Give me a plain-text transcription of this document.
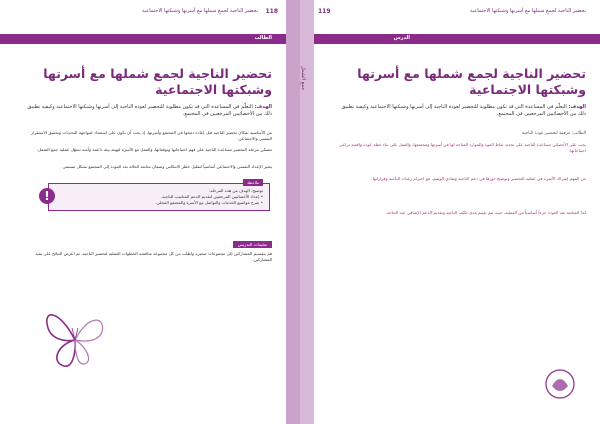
تحضير الناجية لجمع شملها مع أسرتها وشبكتها الاجتماعية 118
الطالب
تحضير الناجية لجمع شملها مع أسرتها
وشبكتها الاجتماعية
الهدف: التعلّم في المساعدة التي قد تكون مطلوبة للتحضير لعودة الناجية إلى أسرتها وشبكتها الاجتماعية وكيفية تطبيق ذلك بين الأخصائيين المرجعيين في المجتمع.
من الأساسية بمكان تحضير الناجية قبل إعادة دمجها في المجتمع وأسرتها، إذ يجب أن تكون على استعداد لمواجهة التحديات وتحقيق الاستقرار النفسي والاجتماعي.
تتضمّن مرحلة التحضير مساعدة الناجية على فهم احتياجاتها وتوقعاتها، والعمل مع الأسرة لتهيئة بيئة داعمة وآمنة تسهّل عملية جمع الشمل.
يعتبر الإعداد النفسي والاجتماعي أساسياً لتقليل خطر الانتكاس وضمان متابعة الحالة بعد العودة إلى المجتمع بشكل مستمر.
ملاحظة
!	توضيح: الهدف من هذه المرحلة:
• إعداد الأخصائيين المرجعيين لتقديم الدعم المناسب للناجية.
• شرح مواضيع الخدمات والتواصل مع الأسرة والمجتمع المحلي.
تعليمات التدريس
قم بتقسيم المشاركين إلى مجموعات صغيرة واطلب من كل مجموعة مناقشة الخطوات العملية لتحضير الناجية، ثم اعرض النتائج على بقية المشاركين.
جمع الشمل
119	تحضير الناجية لجمع شملها مع أسرتها وشبكتها الاجتماعية
الدرس
تحضير الناجية لجمع شملها مع أسرتها
وشبكتها الاجتماعية
الهدف: التعلّم في المساعدة التي قد تكون مطلوبة للتحضير لعودة الناجية إلى أسرتها وشبكتها الاجتماعية وكيفية تطبيق ذلك بين الأخصائيين المرجعيين في المجتمع.
الطالب: مرفقة لتحضير عودة الناجية
يجب على الأخصائي مساعدة الناجية على تحديد نقاط القوة والموارد المتاحة لها في أسرتها ومجتمعها، والعمل على بناء خطة عودة واقعية تراعي احتياجاتها.
من المهم إشراك الأسرة في عملية التحضير وتوضيح دورها في دعم الناجية وتفادي الوصم، مع احترام رغبات الناجية وقراراتها.
تُعدّ المتابعة بعد العودة جزءاً أساسياً من العملية، حيث يتم تقييم مدى تكيّف الناجية وتقديم الدعم الإضافي عند الحاجة.
